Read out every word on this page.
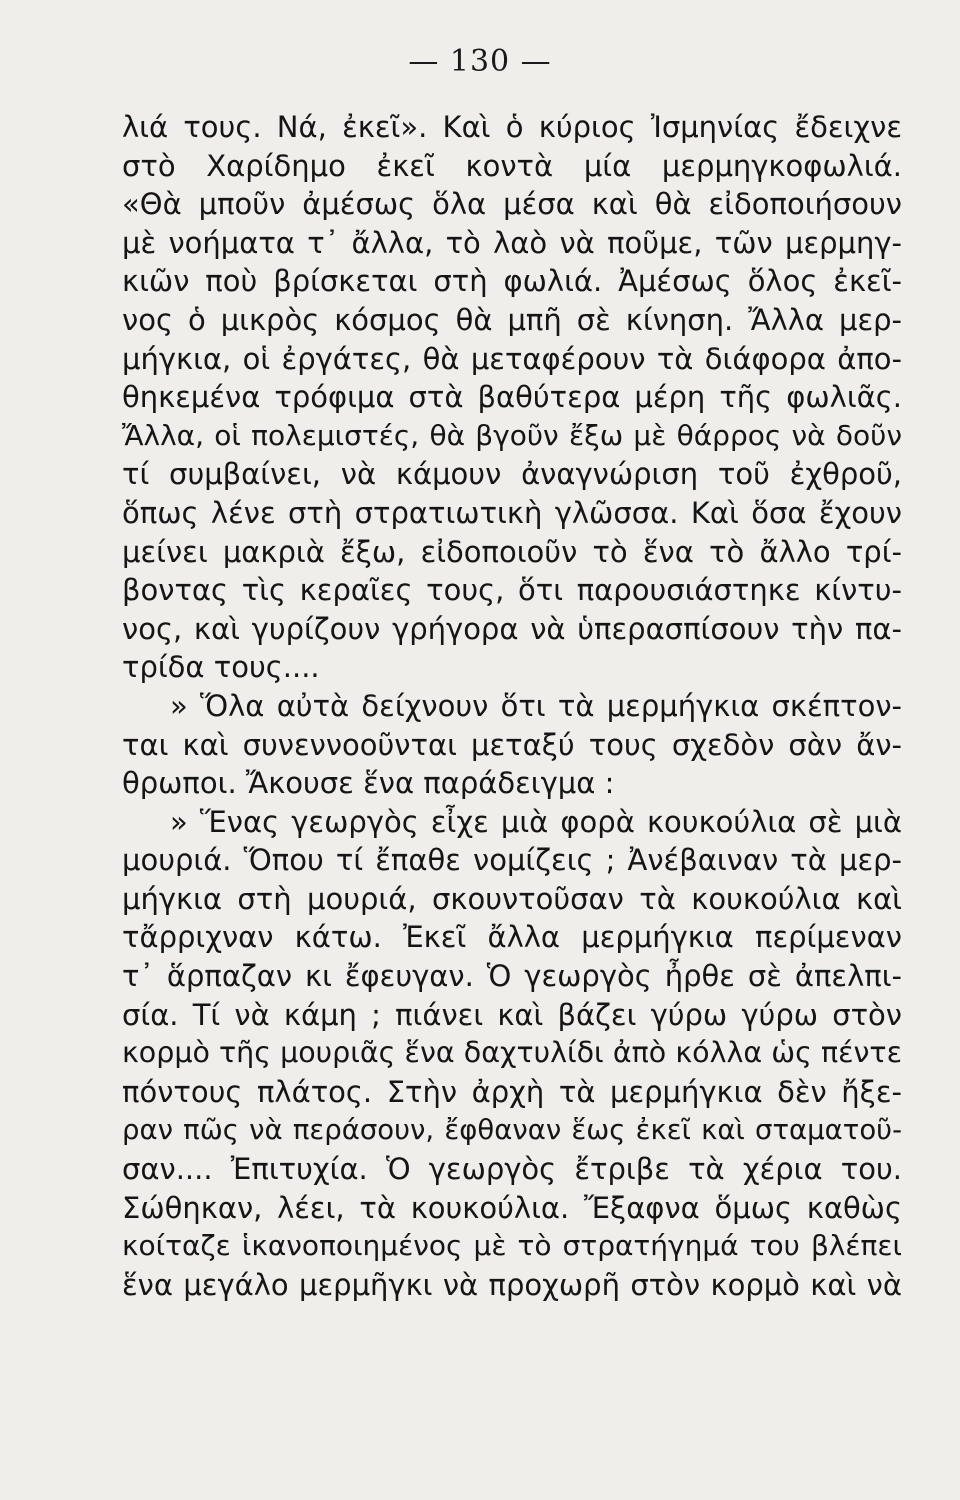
— 130 —
λιά τους. Νά, ἐκεῖ». Καὶ ὁ κύριος Ἰσμηνίας ἔδειχνε
στὸ Χαρίδημο ἐκεῖ κοντὰ μία μερμηγκοφωλιά.
«Θὰ μποῦν ἀμέσως ὅλα μέσα καὶ θὰ εἰδοποιήσουν
μὲ νοήματα τ᾽ ἄλλα, τὸ λαὸ νὰ ποῦμε, τῶν μερμηγ-
κιῶν ποὺ βρίσκεται στὴ φωλιά. Ἀμέσως ὅλος ἐκεῖ-
νος ὁ μικρὸς κόσμος θὰ μπῆ σὲ κίνηση. Ἄλλα μερ-
μήγκια, οἱ ἐργάτες, θὰ μεταφέρουν τὰ διάφορα ἀπο-
θηκεμένα τρόφιμα στὰ βαθύτερα μέρη τῆς φωλιᾶς.
Ἄλλα, οἱ πολεμιστές, θὰ βγοῦν ἔξω μὲ θάρρος νὰ δοῦν
τί συμβαίνει, νὰ κάμουν ἀναγνώριση τοῦ ἐχθροῦ,
ὅπως λένε στὴ στρατιωτικὴ γλῶσσα. Καὶ ὅσα ἔχουν
μείνει μακριὰ ἔξω, εἰδοποιοῦν τὸ ἕνα τὸ ἄλλο τρί-
βοντας τὶς κεραῖες τους, ὅτι παρουσιάστηκε κίντυ-
νος, καὶ γυρίζουν γρήγορα νὰ ὑπερασπίσουν τὴν πα-
τρίδα τους....
» Ὅλα αὐτὰ δείχνουν ὅτι τὰ μερμήγκια σκέπτον-
ται καὶ συνεννοοῦνται μεταξύ τους σχεδὸν σὰν ἄν-
θρωποι. Ἄκουσε ἕνα παράδειγμα :
» Ἕνας γεωργὸς εἶχε μιὰ φορὰ κουκούλια σὲ μιὰ
μουριά. Ὅπου τί ἔπαθε νομίζεις ; Ἀνέβαιναν τὰ μερ-
μήγκια στὴ μουριά, σκουντοῦσαν τὰ κουκούλια καὶ
τἄρριχναν κάτω. Ἐκεῖ ἄλλα μερμήγκια περίμεναν
τ᾽ ἅρπαζαν κι ἔφευγαν. Ὁ γεωργὸς ἦρθε σὲ ἀπελπι-
σία. Τί νὰ κάμη ; πιάνει καὶ βάζει γύρω γύρω στὸν
κορμὸ τῆς μουριᾶς ἕνα δαχτυλίδι ἀπὸ κόλλα ὡς πέντε
πόντους πλάτος. Στὴν ἀρχὴ τὰ μερμήγκια δὲν ἤξε-
ραν πῶς νὰ περάσουν, ἔφθαναν ἕως ἐκεῖ καὶ σταματοῦ-
σαν.... Ἐπιτυχία. Ὁ γεωργὸς ἔτριβε τὰ χέρια του.
Σώθηκαν, λέει, τὰ κουκούλια. Ἔξαφνα ὅμως καθὼς
κοίταζε ἱκανοποιημένος μὲ τὸ στρατήγημά του βλέπει
ἕνα μεγάλο μερμῆγκι νὰ προχωρῆ στὸν κορμὸ καὶ νὰ
